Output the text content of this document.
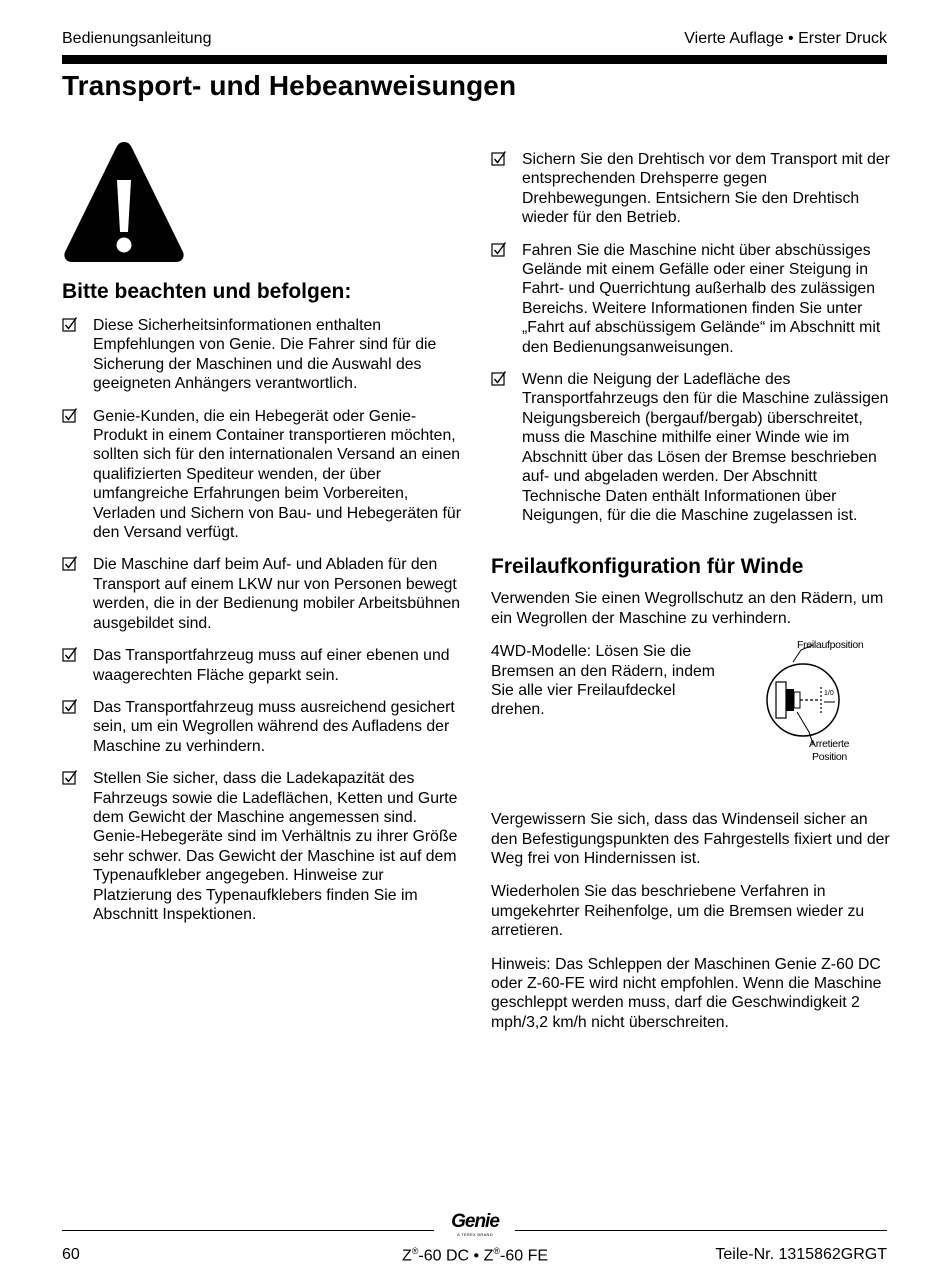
Bedienungsanleitung	Vierte Auflage • Erster Druck
Transport- und Hebeanweisungen
Bitte beachten und befolgen:
Diese Sicherheitsinformationen enthalten Empfehlungen von Genie. Die Fahrer sind für die Sicherung der Maschinen und die Auswahl des geeigneten Anhängers verantwortlich.
Genie-Kunden, die ein Hebegerät oder Genie-Produkt in einem Container transportieren möchten, sollten sich für den internationalen Versand an einen qualifizierten Spediteur wenden, der über umfangreiche Erfahrungen beim Vorbereiten, Verladen und Sichern von Bau- und Hebegeräten für den Versand verfügt.
Die Maschine darf beim Auf- und Abladen für den Transport auf einem LKW nur von Personen bewegt werden, die in der Bedienung mobiler Arbeitsbühnen ausgebildet sind.
Das Transportfahrzeug muss auf einer ebenen und waagerechten Fläche geparkt sein.
Das Transportfahrzeug muss ausreichend gesichert sein, um ein Wegrollen während des Aufladens der Maschine zu verhindern.
Stellen Sie sicher, dass die Ladekapazität des Fahrzeugs sowie die Ladeflächen, Ketten und Gurte dem Gewicht der Maschine angemessen sind. Genie-Hebegeräte sind im Verhältnis zu ihrer Größe sehr schwer. Das Gewicht der Maschine ist auf dem Typenaufkleber angegeben. Hinweise zur Platzierung des Typenaufklebers finden Sie im Abschnitt Inspektionen.
Sichern Sie den Drehtisch vor dem Transport mit der entsprechenden Drehsperre gegen Drehbewegungen. Entsichern Sie den Drehtisch wieder für den Betrieb.
Fahren Sie die Maschine nicht über abschüssiges Gelände mit einem Gefälle oder einer Steigung in Fahrt- und Querrichtung außerhalb des zulässigen Bereichs. Weitere Informationen finden Sie unter „Fahrt auf abschüssigem Gelände“ im Abschnitt mit den Bedienungsanweisungen.
Wenn die Neigung der Ladefläche des Transportfahrzeugs den für die Maschine zulässigen Neigungsbereich (bergauf/bergab) überschreitet, muss die Maschine mithilfe einer Winde wie im Abschnitt über das Lösen der Bremse beschrieben auf- und abgeladen werden. Der Abschnitt Technische Daten enthält Informationen über Neigungen, für die die Maschine zugelassen ist.
Freilaufkonfiguration für Winde
Verwenden Sie einen Wegrollschutz an den Rädern, um ein Wegrollen der Maschine zu verhindern.
4WD-Modelle: Lösen Sie die Bremsen an den Rädern, indem Sie alle vier Freilaufdeckel drehen.
1/0
Freilaufposition
Arretierte
Position
Vergewissern Sie sich, dass das Windenseil sicher an den Befestigungspunkten des Fahrgestells fixiert und der Weg frei von Hindernissen ist.
Wiederholen Sie das beschriebene Verfahren in umgekehrter Reihenfolge, um die Bremsen wieder zu arretieren.
Hinweis: Das Schleppen der Maschinen Genie Z-60 DC oder Z-60-FE wird nicht empfohlen. Wenn die Maschine geschleppt werden muss, darf die Geschwindigkeit 2 mph/3,2 km/h nicht überschreiten.
Genie
A TEREX BRAND
60	Z®-60 DC • Z®-60 FE	Teile-Nr. 1315862GRGT
